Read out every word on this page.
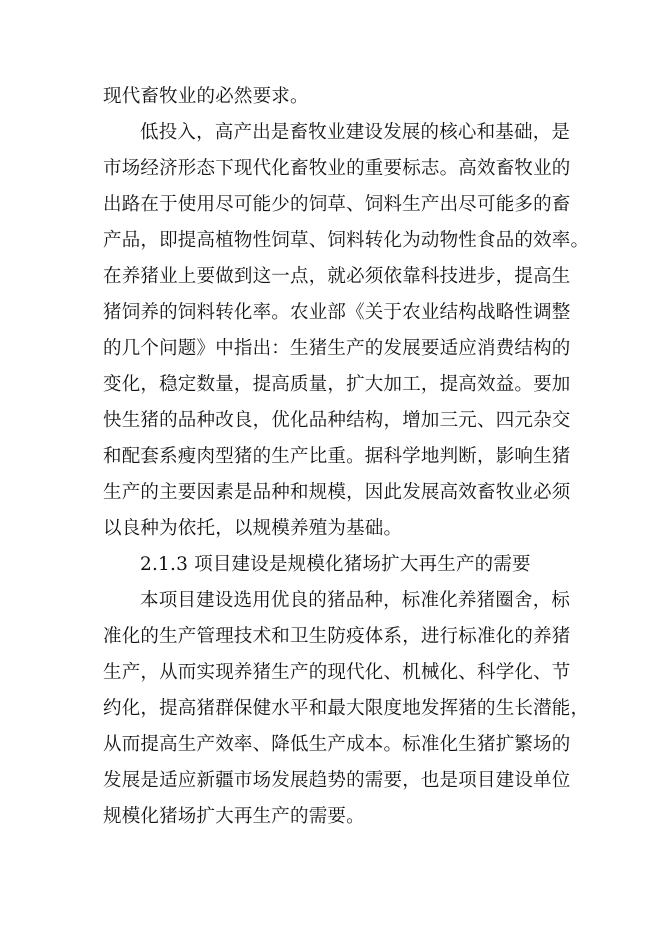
现代畜牧业的必然要求。
低投入，高产出是畜牧业建设发展的核心和基础，是
市场经济形态下现代化畜牧业的重要标志。高效畜牧业的
出路在于使用尽可能少的饲草、饲料生产出尽可能多的畜
产品，即提高植物性饲草、饲料转化为动物性食品的效率。
在养猪业上要做到这一点，就必须依靠科技进步，提高生
猪饲养的饲料转化率。农业部《关于农业结构战略性调整
的几个问题》中指出：生猪生产的发展要适应消费结构的
变化，稳定数量，提高质量，扩大加工，提高效益。要加
快生猪的品种改良，优化品种结构，增加三元、四元杂交
和配套系瘦肉型猪的生产比重。据科学地判断，影响生猪
生产的主要因素是品种和规模，因此发展高效畜牧业必须
以良种为依托，以规模养殖为基础。
2.1.3 项目建设是规模化猪场扩大再生产的需要
本项目建设选用优良的猪品种，标准化养猪圈舍，标
准化的生产管理技术和卫生防疫体系，进行标准化的养猪
生产，从而实现养猪生产的现代化、机械化、科学化、节
约化，提高猪群保健水平和最大限度地发挥猪的生长潜能，
从而提高生产效率、降低生产成本。标准化生猪扩繁场的
发展是适应新疆市场发展趋势的需要，也是项目建设单位
规模化猪场扩大再生产的需要。
